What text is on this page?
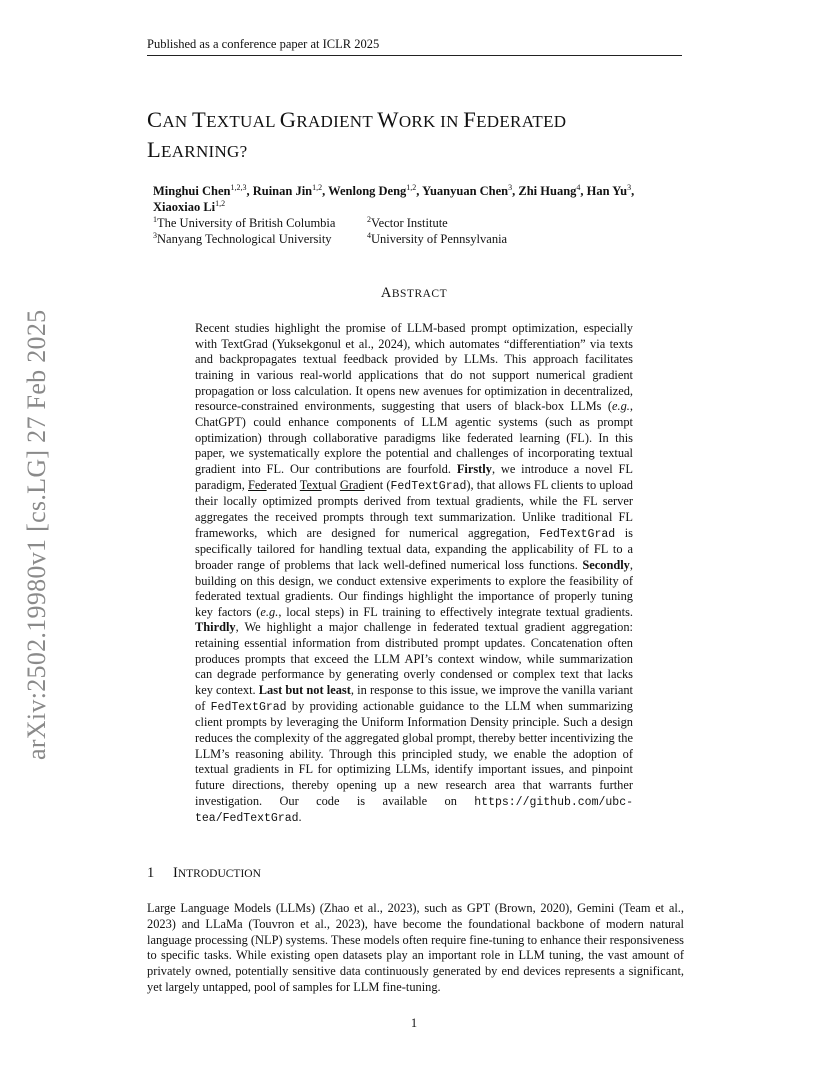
Published as a conference paper at ICLR 2025
CAN TEXTUAL GRADIENT WORK IN FEDERATED
LEARNING?
Minghui Chen$^{1,2,3}$, Ruinan Jin$^{1,2}$, Wenlong Deng$^{1,2}$, Yuanyuan Chen$^3$, Zhi Huang$^4$, Han Yu$^3$,
Xiaoxiao Li$^{1,2}$
$^1$The University of British Columbia	$^2$Vector Institute
$^3$Nanyang Technological University	$^4$University of Pennsylvania
ABSTRACT
Recent studies highlight the promise of LLM-based prompt optimization, especially with TextGrad (Yuksekgonul et al., 2024), which automates “differentiation” via texts and backpropagates textual feedback provided by LLMs. This approach facilitates training in various real-world applications that do not support numerical gradient propagation or loss calculation. It opens new avenues for optimization in decentralized, resource-constrained environments, suggesting that users of black-box LLMs (e.g., ChatGPT) could enhance components of LLM agentic systems (such as prompt optimization) through collaborative paradigms like federated learning (FL). In this paper, we systematically explore the potential and challenges of incorporating textual gradient into FL. Our contributions are fourfold. Firstly, we introduce a novel FL paradigm, Federated Textual Gradient (FedTextGrad), that allows FL clients to upload their locally optimized prompts derived from textual gradients, while the FL server aggregates the received prompts through text summarization. Unlike traditional FL frameworks, which are designed for numerical aggregation, FedTextGrad is specifically tailored for handling textual data, expanding the applicability of FL to a broader range of problems that lack well-defined numerical loss functions. Secondly, building on this design, we conduct extensive experiments to explore the feasibility of federated textual gradients. Our findings highlight the importance of properly tuning key factors (e.g., local steps) in FL training to effectively integrate textual gradients. Thirdly, We highlight a major challenge in federated textual gradient aggregation: retaining essential information from distributed prompt updates. Concatenation often produces prompts that exceed the LLM API’s context window, while summarization can degrade performance by generating overly condensed or complex text that lacks key context. Last but not least, in response to this issue, we improve the vanilla variant of FedTextGrad by providing actionable guidance to the LLM when summarizing client prompts by leveraging the Uniform Information Density principle. Such a design reduces the complexity of the aggregated global prompt, thereby better incentivizing the LLM’s reasoning ability. Through this principled study, we enable the adoption of textual gradients in FL for optimizing LLMs, identify important issues, and pinpoint future directions, thereby opening up a new research area that warrants further investigation. Our code is available on https://github.com/ubc-tea/FedTextGrad.
1 INTRODUCTION
Large Language Models (LLMs) (Zhao et al., 2023), such as GPT (Brown, 2020), Gemini (Team et al., 2023) and LLaMa (Touvron et al., 2023), have become the foundational backbone of modern natural language processing (NLP) systems. These models often require fine-tuning to enhance their responsiveness to specific tasks. While existing open datasets play an important role in LLM tuning, the vast amount of privately owned, potentially sensitive data continuously generated by end devices represents a significant, yet largely untapped, pool of samples for LLM fine-tuning.
1
arXiv:2502.19980v1 [cs.LG] 27 Feb 2025
